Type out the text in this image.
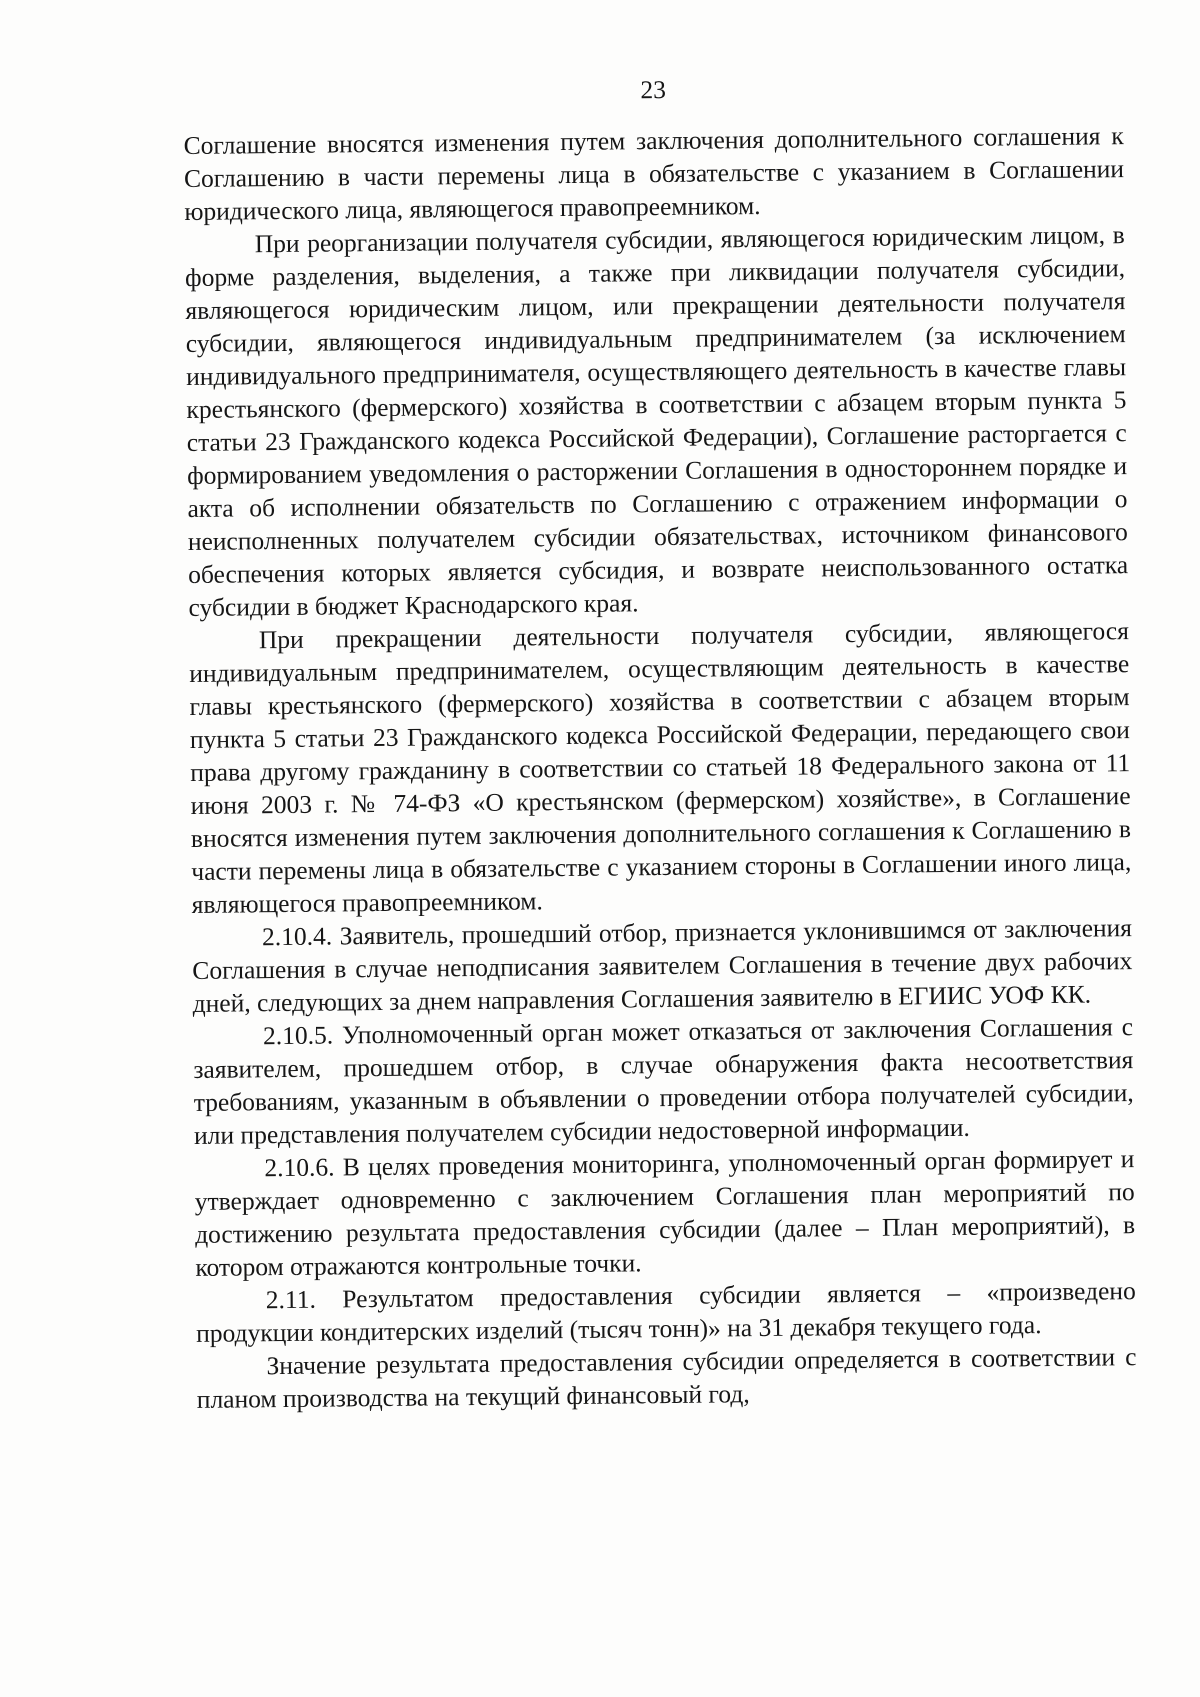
23

Соглашение вносятся изменения путем заключения дополнительного соглашения к Соглашению в части перемены лица в обязательстве с указанием в Соглашении юридического лица, являющегося правопреемником.

При реорганизации получателя субсидии, являющегося юридическим лицом, в форме разделения, выделения, а также при ликвидации получателя субсидии, являющегося юридическим лицом, или прекращении деятельности получателя субсидии, являющегося индивидуальным предпринимателем (за исключением индивидуального предпринимателя, осуществляющего деятельность в качестве главы крестьянского (фермерского) хозяйства в соответствии с абзацем вторым пункта 5 статьи 23 Гражданского кодекса Российской Федерации), Соглашение расторгается с формированием уведомления о расторжении Соглашения в одностороннем порядке и акта об исполнении обязательств по Соглашению с отражением информации о неисполненных получателем субсидии обязательствах, источником финансового обеспечения которых является субсидия, и возврате неиспользованного остатка субсидии в бюджет Краснодарского края.

При прекращении деятельности получателя субсидии, являющегося индивидуальным предпринимателем, осуществляющим деятельность в качестве главы крестьянского (фермерского) хозяйства в соответствии с абзацем вторым пункта 5 статьи 23 Гражданского кодекса Российской Федерации, передающего свои права другому гражданину в соответствии со статьей 18 Федерального закона от 11 июня 2003 г. № 74-ФЗ «О крестьянском (фермерском) хозяйстве», в Соглашение вносятся изменения путем заключения дополнительного соглашения к Соглашению в части перемены лица в обязательстве с указанием стороны в Соглашении иного лица, являющегося правопреемником.

2.10.4. Заявитель, прошедший отбор, признается уклонившимся от заключения Соглашения в случае неподписания заявителем Соглашения в течение двух рабочих дней, следующих за днем направления Соглашения заявителю в ЕГИИС УОФ КК.

2.10.5. Уполномоченный орган может отказаться от заключения Соглашения с заявителем, прошедшем отбор, в случае обнаружения факта несоответствия требованиям, указанным в объявлении о проведении отбора получателей субсидии, или представления получателем субсидии недостоверной информации.

2.10.6. В целях проведения мониторинга, уполномоченный орган формирует и утверждает одновременно с заключением Соглашения план мероприятий по достижению результата предоставления субсидии (далее – План мероприятий), в котором отражаются контрольные точки.

2.11. Результатом предоставления субсидии является – «произведено продукции кондитерских изделий (тысяч тонн)» на 31 декабря текущего года.

Значение результата предоставления субсидии определяется в соответствии с планом производства на текущий финансовый год,
